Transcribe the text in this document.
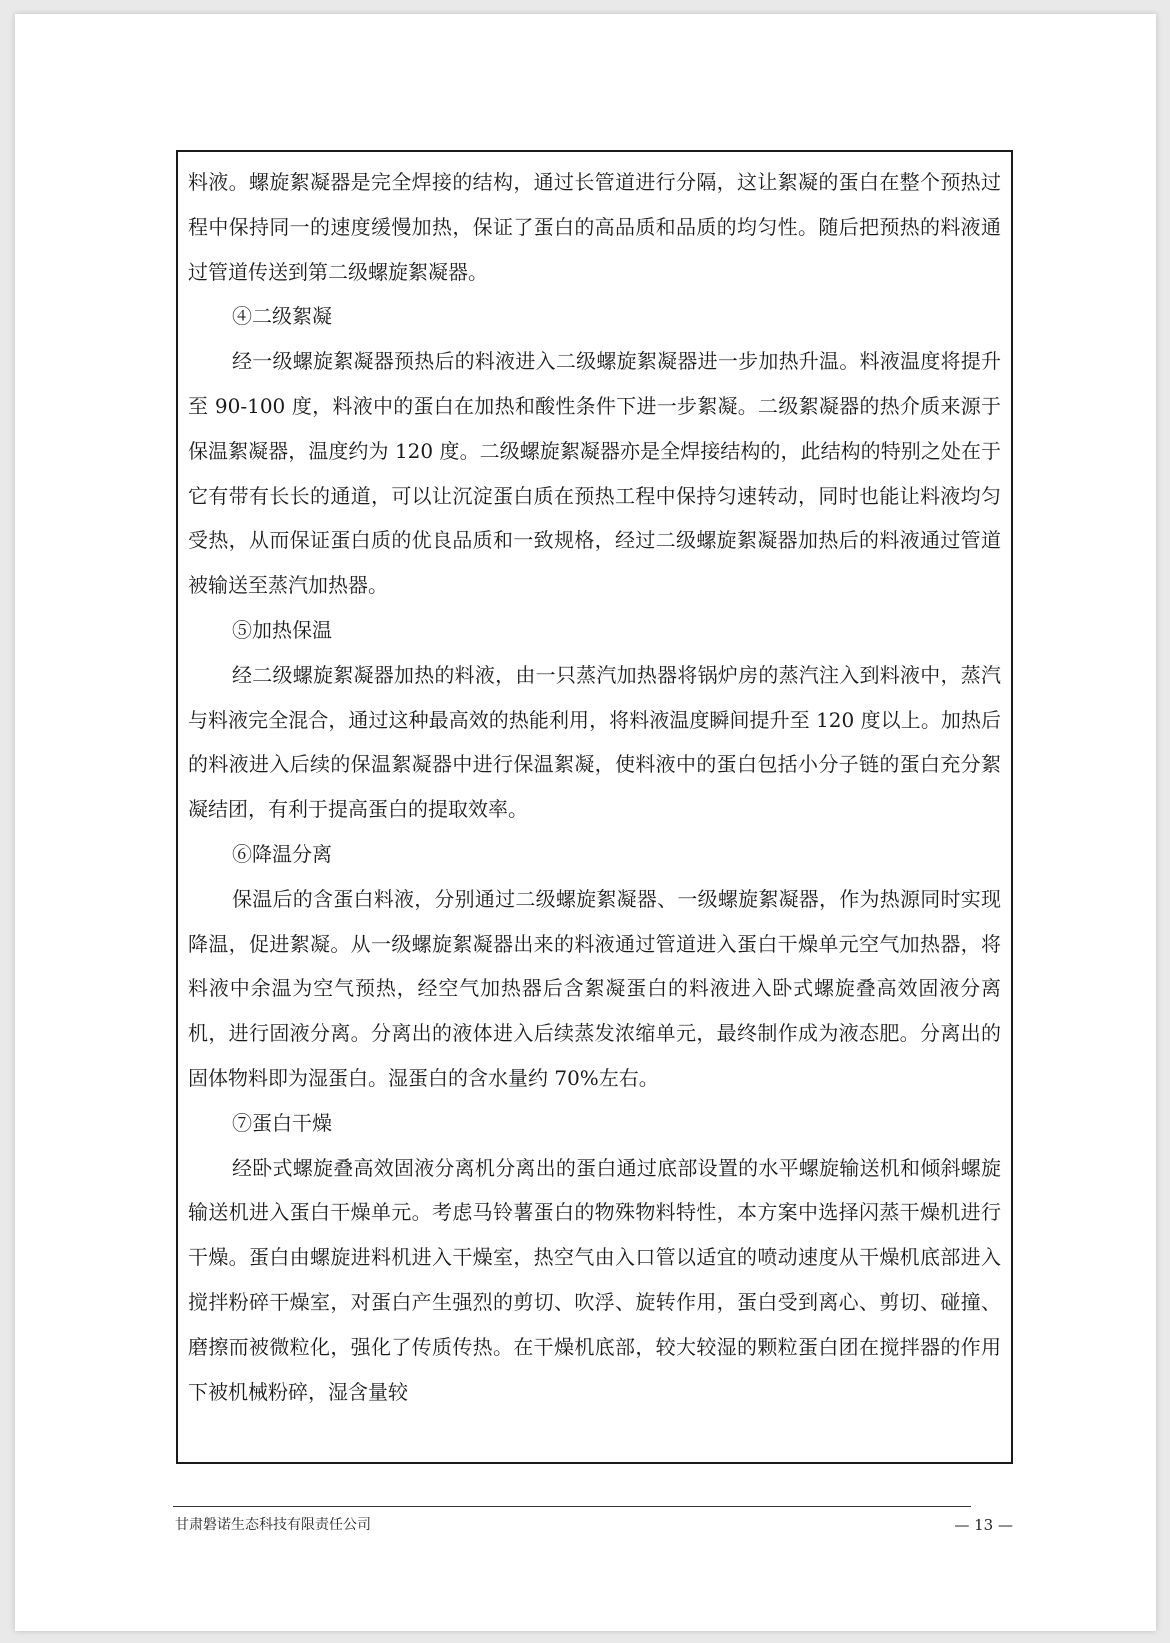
料液。螺旋絮凝器是完全焊接的结构，通过长管道进行分隔，这让絮凝的蛋白在整个预热过程中保持同一的速度缓慢加热，保证了蛋白的高品质和品质的均匀性。随后把预热的料液通过管道传送到第二级螺旋絮凝器。

④二级絮凝

经一级螺旋絮凝器预热后的料液进入二级螺旋絮凝器进一步加热升温。料液温度将提升至 90-100 度，料液中的蛋白在加热和酸性条件下进一步絮凝。二级絮凝器的热介质来源于保温絮凝器，温度约为 120 度。二级螺旋絮凝器亦是全焊接结构的，此结构的特别之处在于它有带有长长的通道，可以让沉淀蛋白质在预热工程中保持匀速转动，同时也能让料液均匀受热，从而保证蛋白质的优良品质和一致规格，经过二级螺旋絮凝器加热后的料液通过管道被输送至蒸汽加热器。

⑤加热保温

经二级螺旋絮凝器加热的料液，由一只蒸汽加热器将锅炉房的蒸汽注入到料液中，蒸汽与料液完全混合，通过这种最高效的热能利用，将料液温度瞬间提升至 120 度以上。加热后的料液进入后续的保温絮凝器中进行保温絮凝，使料液中的蛋白包括小分子链的蛋白充分絮凝结团，有利于提高蛋白的提取效率。

⑥降温分离

保温后的含蛋白料液，分别通过二级螺旋絮凝器、一级螺旋絮凝器，作为热源同时实现降温，促进絮凝。从一级螺旋絮凝器出来的料液通过管道进入蛋白干燥单元空气加热器，将料液中余温为空气预热，经空气加热器后含絮凝蛋白的料液进入卧式螺旋叠高效固液分离机，进行固液分离。分离出的液体进入后续蒸发浓缩单元，最终制作成为液态肥。分离出的固体物料即为湿蛋白。湿蛋白的含水量约 70%左右。

⑦蛋白干燥

经卧式螺旋叠高效固液分离机分离出的蛋白通过底部设置的水平螺旋输送机和倾斜螺旋输送机进入蛋白干燥单元。考虑马铃薯蛋白的物殊物料特性，本方案中选择闪蒸干燥机进行干燥。蛋白由螺旋进料机进入干燥室，热空气由入口管以适宜的喷动速度从干燥机底部进入搅拌粉碎干燥室，对蛋白产生强烈的剪切、吹浮、旋转作用，蛋白受到离心、剪切、碰撞、磨擦而被微粒化，强化了传质传热。在干燥机底部，较大较湿的颗粒蛋白团在搅拌器的作用下被机械粉碎，湿含量较

甘肃磐诺生态科技有限责任公司	— 13 —
